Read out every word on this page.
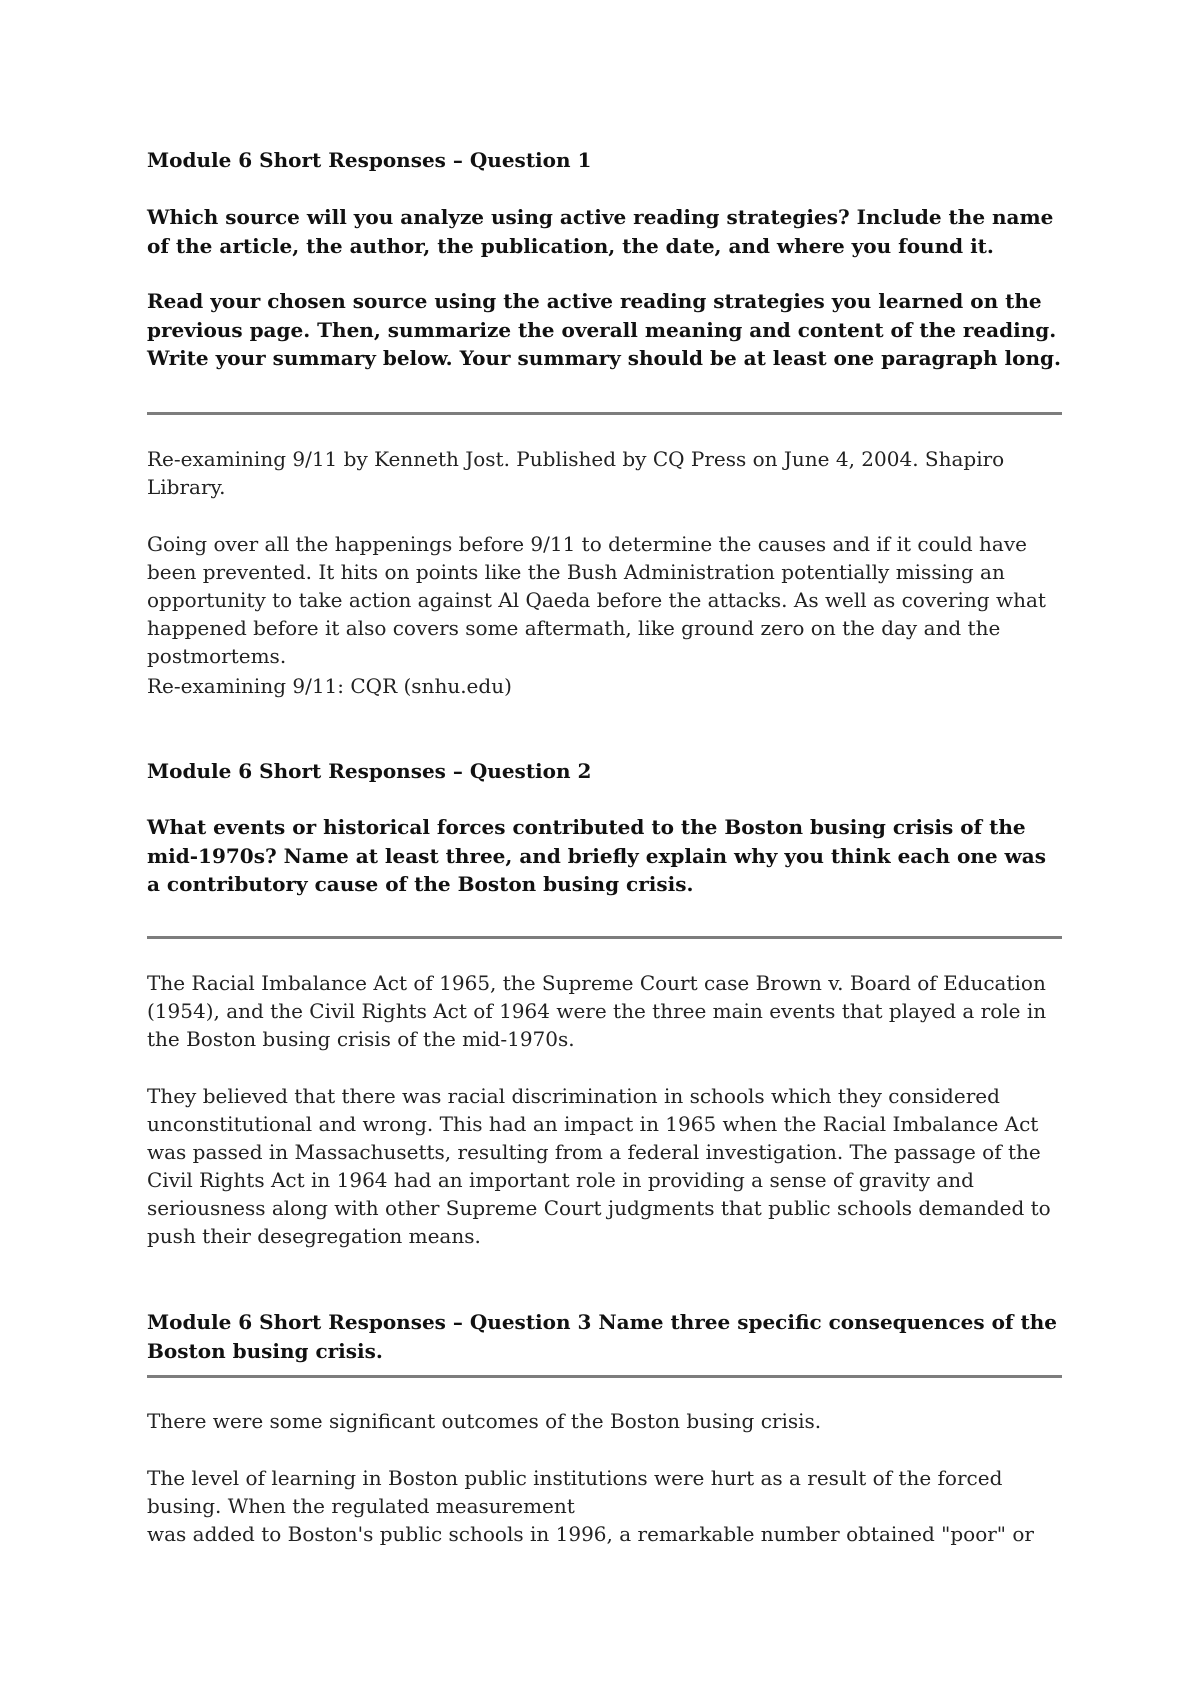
Module 6 Short Responses – Question 1

Which source will you analyze using active reading strategies? Include the name of the article, the author, the publication, the date, and where you found it.

Read your chosen source using the active reading strategies you learned on the previous page. Then, summarize the overall meaning and content of the reading. Write your summary below. Your summary should be at least one paragraph long.

Re-examining 9/11 by Kenneth Jost. Published by CQ Press on June 4, 2004. Shapiro Library.

Going over all the happenings before 9/11 to determine the causes and if it could have been prevented. It hits on points like the Bush Administration potentially missing an opportunity to take action against Al Qaeda before the attacks. As well as covering what happened before it also covers some aftermath, like ground zero on the day and the postmortems.

Re-examining 9/11: CQR (snhu.edu)

Module 6 Short Responses – Question 2

What events or historical forces contributed to the Boston busing crisis of the mid-1970s? Name at least three, and briefly explain why you think each one was a contributory cause of the Boston busing crisis.

The Racial Imbalance Act of 1965, the Supreme Court case Brown v. Board of Education (1954), and the Civil Rights Act of 1964 were the three main events that played a role in the Boston busing crisis of the mid-1970s.

They believed that there was racial discrimination in schools which they considered unconstitutional and wrong. This had an impact in 1965 when the Racial Imbalance Act was passed in Massachusetts, resulting from a federal investigation. The passage of the Civil Rights Act in 1964 had an important role in providing a sense of gravity and seriousness along with other Supreme Court judgments that public schools demanded to push their desegregation means.

Module 6 Short Responses – Question 3 Name three specific consequences of the Boston busing crisis.

There were some significant outcomes of the Boston busing crisis.

The level of learning in Boston public institutions were hurt as a result of the forced busing. When the regulated measurement

was added to Boston's public schools in 1996, a remarkable number obtained "poor" or
